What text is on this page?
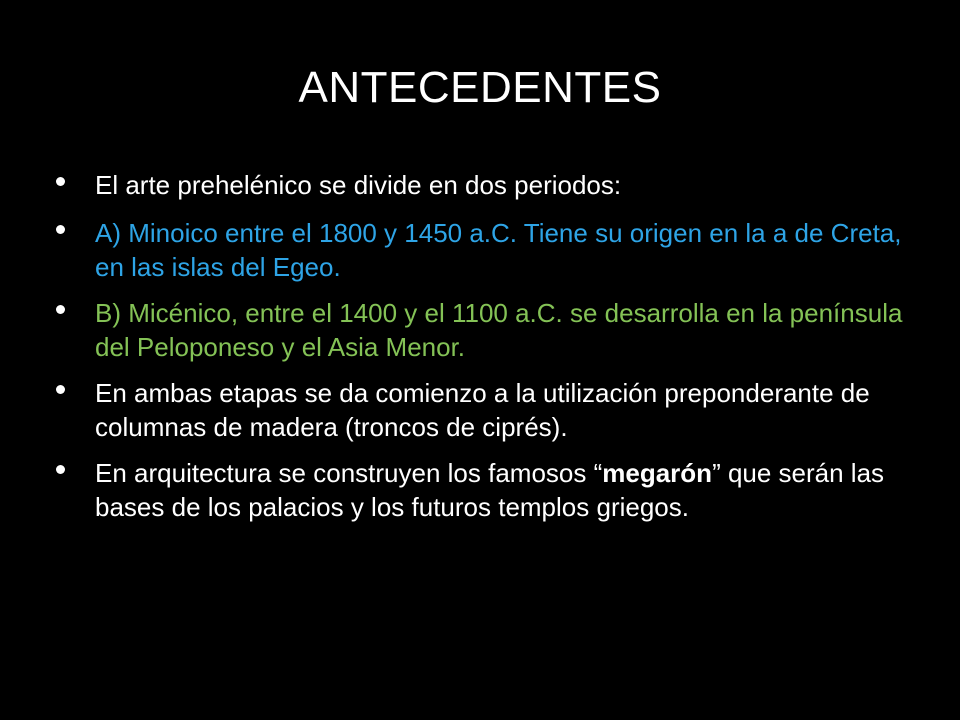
ANTECEDENTES
El arte prehelénico se divide en dos periodos:
A) Minoico entre el 1800 y 1450 a.C. Tiene su origen en la a de Creta, en las islas del Egeo.
B) Micénico, entre el 1400 y el 1100 a.C. se desarrolla en la península del Peloponeso y el Asia Menor.
En ambas etapas se da comienzo a la utilización preponderante de columnas de madera (troncos de ciprés).
En arquitectura se construyen los famosos “megarón” que serán las bases de los palacios y los futuros templos griegos.
